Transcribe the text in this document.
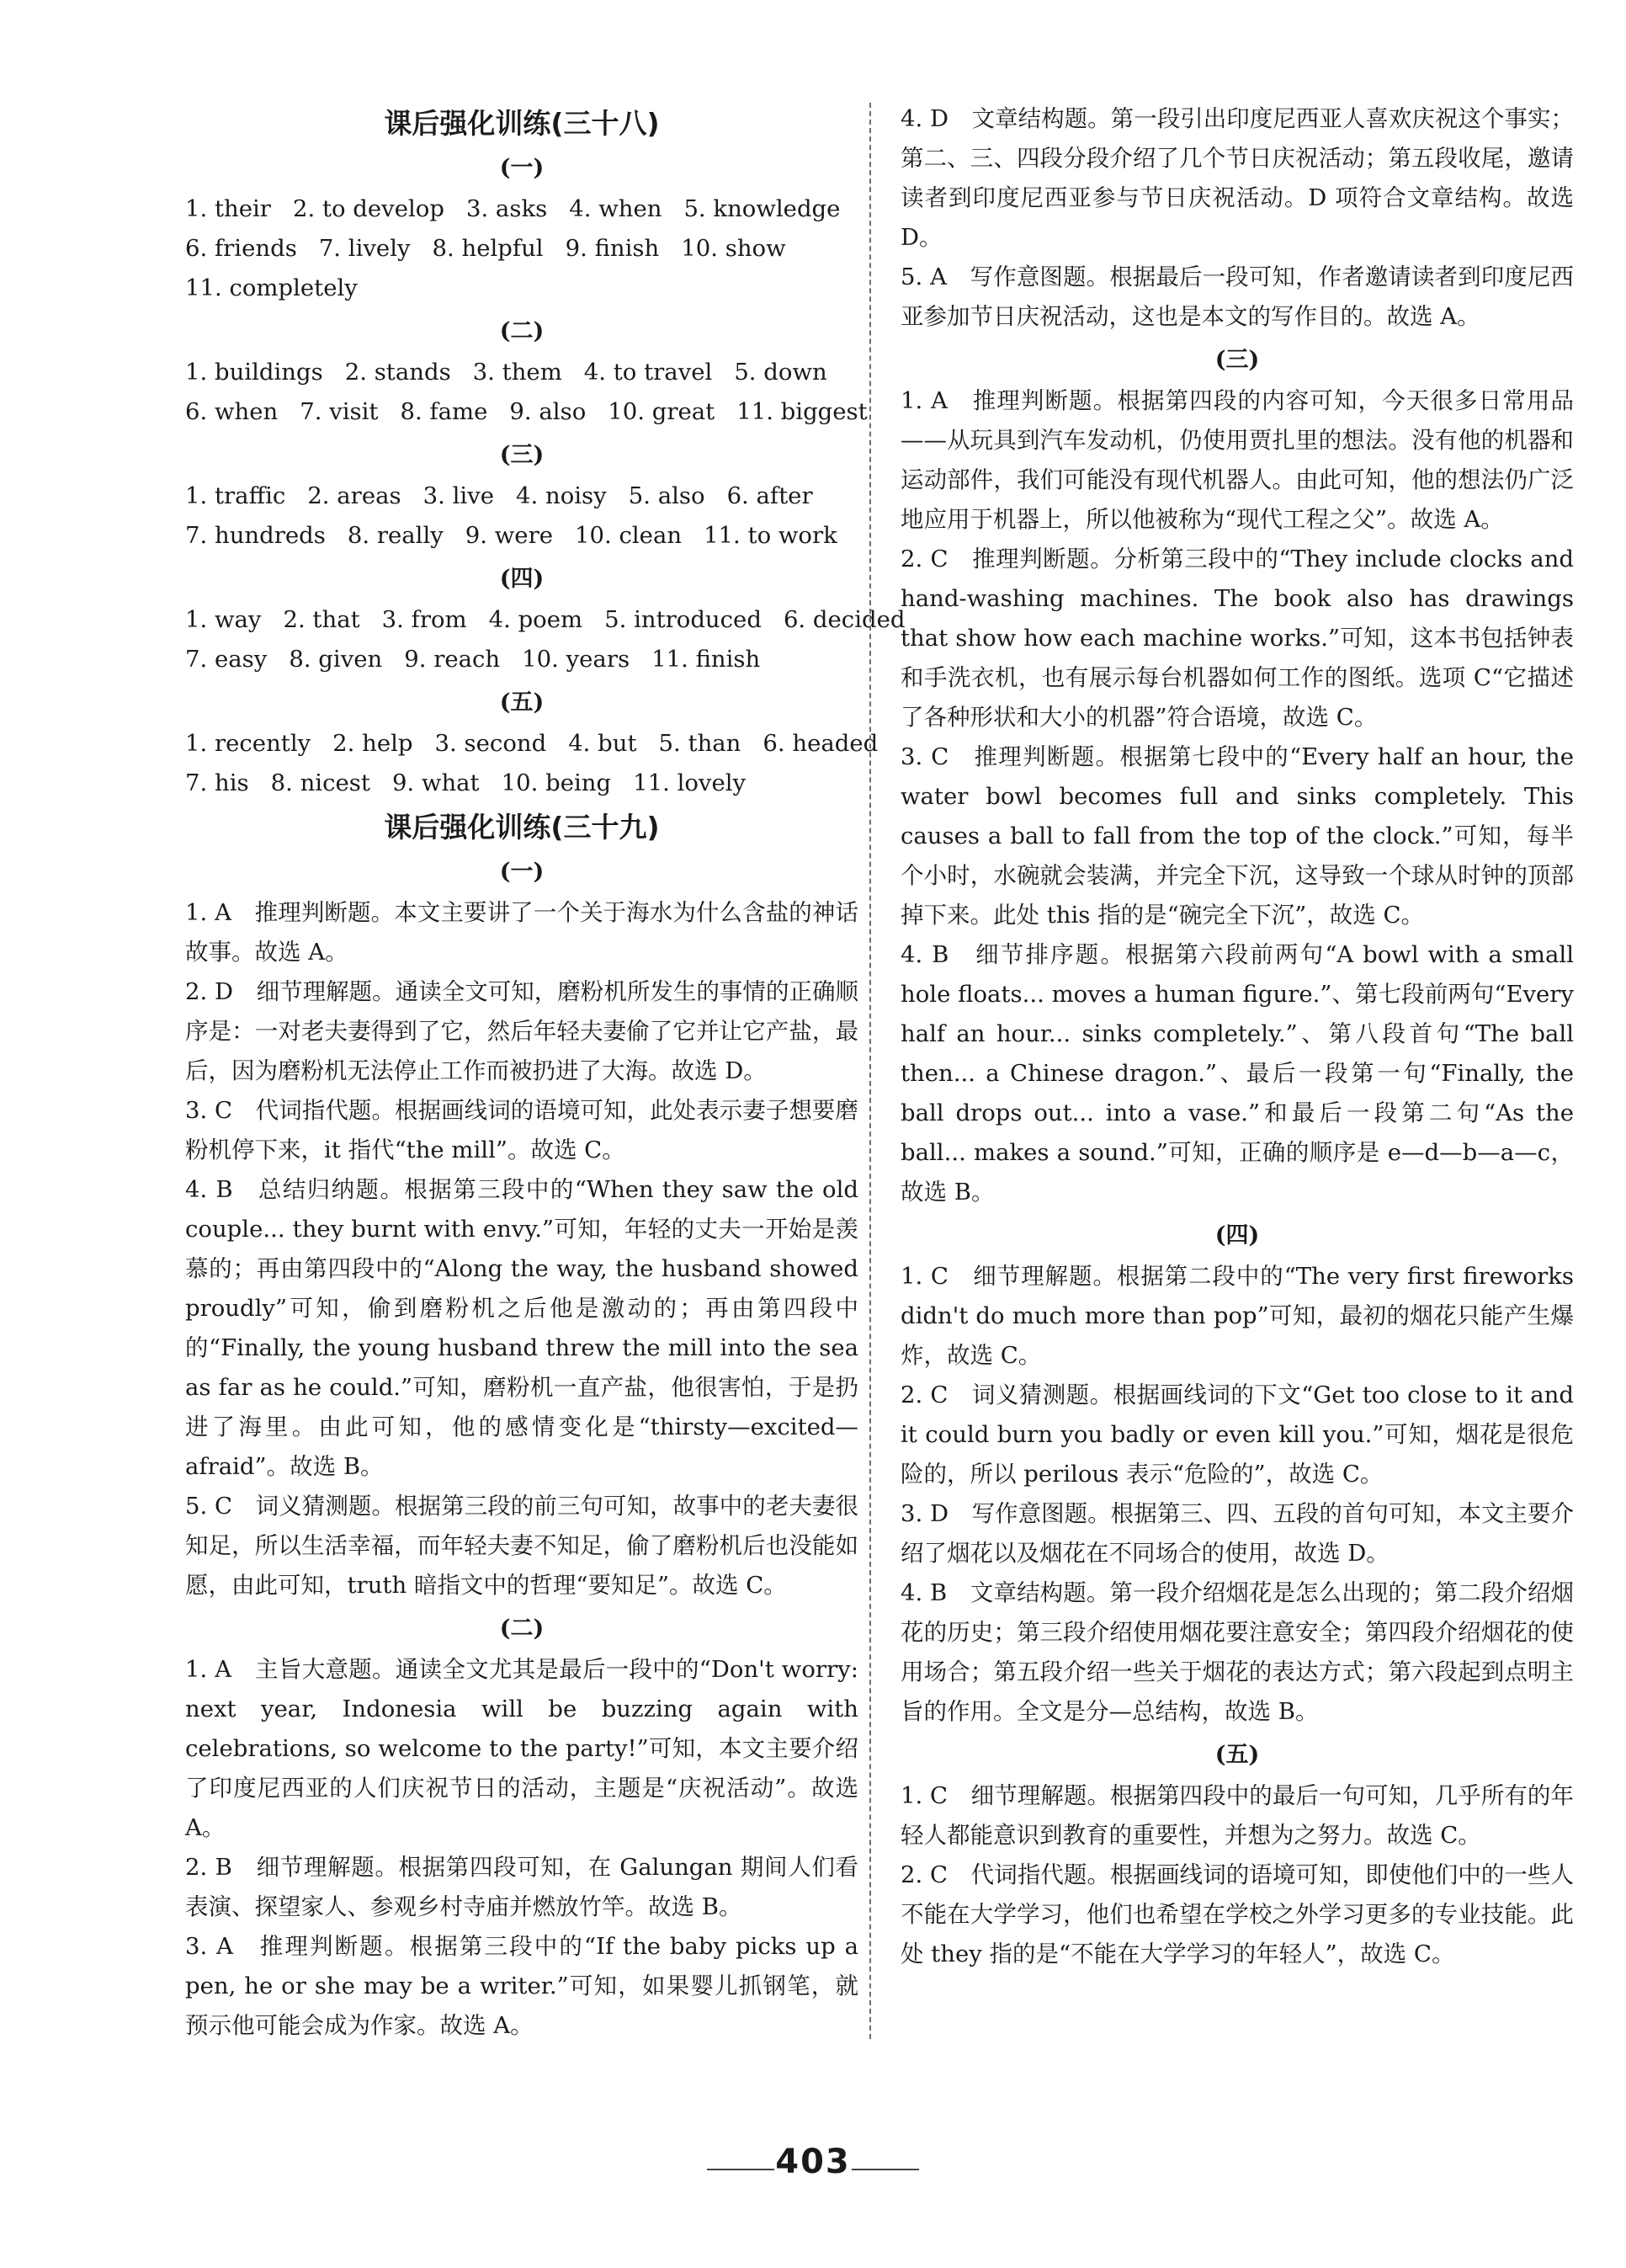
课后强化训练(三十八)
(一)
1. their 2. to develop 3. asks 4. when 5. knowledge
6. friends 7. lively 8. helpful 9. finish 10. show
11. completely
(二)
1. buildings 2. stands 3. them 4. to travel 5. down
6. when 7. visit 8. fame 9. also 10. great 11. biggest
(三)
1. traffic 2. areas 3. live 4. noisy 5. also 6. after
7. hundreds 8. really 9. were 10. clean 11. to work
(四)
1. way 2. that 3. from 4. poem 5. introduced 6. decided
7. easy 8. given 9. reach 10. years 11. finish
(五)
1. recently 2. help 3. second 4. but 5. than 6. headed
7. his 8. nicest 9. what 10. being 11. lovely
课后强化训练(三十九)
(一)

1. A　推理判断题。本文主要讲了一个关于海水为什么含盐的神话故事。故选 A。

2. D　细节理解题。通读全文可知，磨粉机所发生的事情的正确顺序是：一对老夫妻得到了它，然后年轻夫妻偷了它并让它产盐，最后，因为磨粉机无法停止工作而被扔进了大海。故选 D。

3. C　代词指代题。根据画线词的语境可知，此处表示妻子想要磨粉机停下来，it 指代“the mill”。故选 C。

4. B　总结归纳题。根据第三段中的“When they saw the old couple... they burnt with envy.”可知，年轻的丈夫一开始是羡慕的；再由第四段中的“Along the way, the husband showed proudly”可知，偷到磨粉机之后他是激动的；再由第四段中的“Finally, the young husband threw the mill into the sea as far as he could.”可知，磨粉机一直产盐，他很害怕，于是扔进了海里。由此可知，他的感情变化是“thirsty—excited—afraid”。故选 B。

5. C　词义猜测题。根据第三段的前三句可知，故事中的老夫妻很知足，所以生活幸福，而年轻夫妻不知足，偷了磨粉机后也没能如愿，由此可知，truth 暗指文中的哲理“要知足”。故选 C。

(二)

1. A　主旨大意题。通读全文尤其是最后一段中的“Don't worry: next year, Indonesia will be buzzing again with celebrations, so welcome to the party!”可知，本文主要介绍了印度尼西亚的人们庆祝节日的活动，主题是“庆祝活动”。故选 A。

2. B　细节理解题。根据第四段可知，在 Galungan 期间人们看表演、探望家人、参观乡村寺庙并燃放竹竿。故选 B。

3. A　推理判断题。根据第三段中的“If the baby picks up a pen, he or she may be a writer.”可知，如果婴儿抓钢笔，就预示他可能会成为作家。故选 A。

4. D　文章结构题。第一段引出印度尼西亚人喜欢庆祝这个事实；第二、三、四段分段介绍了几个节日庆祝活动；第五段收尾，邀请读者到印度尼西亚参与节日庆祝活动。D 项符合文章结构。故选 D。

5. A　写作意图题。根据最后一段可知，作者邀请读者到印度尼西亚参加节日庆祝活动，这也是本文的写作目的。故选 A。

(三)

1. A　推理判断题。根据第四段的内容可知，今天很多日常用品——从玩具到汽车发动机，仍使用贾扎里的想法。没有他的机器和运动部件，我们可能没有现代机器人。由此可知，他的想法仍广泛地应用于机器上，所以他被称为“现代工程之父”。故选 A。

2. C　推理判断题。分析第三段中的“They include clocks and hand-washing machines. The book also has drawings that show how each machine works.”可知，这本书包括钟表和手洗衣机，也有展示每台机器如何工作的图纸。选项 C“它描述了各种形状和大小的机器”符合语境，故选 C。

3. C　推理判断题。根据第七段中的“Every half an hour, the water bowl becomes full and sinks completely. This causes a ball to fall from the top of the clock.”可知，每半个小时，水碗就会装满，并完全下沉，这导致一个球从时钟的顶部掉下来。此处 this 指的是“碗完全下沉”，故选 C。

4. B　细节排序题。根据第六段前两句“A bowl with a small hole floats... moves a human figure.”、第七段前两句“Every half an hour... sinks completely.”、第八段首句“The ball then... a Chinese dragon.”、最后一段第一句“Finally, the ball drops out... into a vase.”和最后一段第二句“As the ball... makes a sound.”可知，正确的顺序是 e—d—b—a—c，故选 B。

(四)

1. C　细节理解题。根据第二段中的“The very first fireworks didn't do much more than pop”可知，最初的烟花只能产生爆炸，故选 C。

2. C　词义猜测题。根据画线词的下文“Get too close to it and it could burn you badly or even kill you.”可知，烟花是很危险的，所以 perilous 表示“危险的”，故选 C。

3. D　写作意图题。根据第三、四、五段的首句可知，本文主要介绍了烟花以及烟花在不同场合的使用，故选 D。

4. B　文章结构题。第一段介绍烟花是怎么出现的；第二段介绍烟花的历史；第三段介绍使用烟花要注意安全；第四段介绍烟花的使用场合；第五段介绍一些关于烟花的表达方式；第六段起到点明主旨的作用。全文是分—总结构，故选 B。

(五)

1. C　细节理解题。根据第四段中的最后一句可知，几乎所有的年轻人都能意识到教育的重要性，并想为之努力。故选 C。

2. C　代词指代题。根据画线词的语境可知，即使他们中的一些人不能在大学学习，他们也希望在学校之外学习更多的专业技能。此处 they 指的是“不能在大学学习的年轻人”，故选 C。

403
